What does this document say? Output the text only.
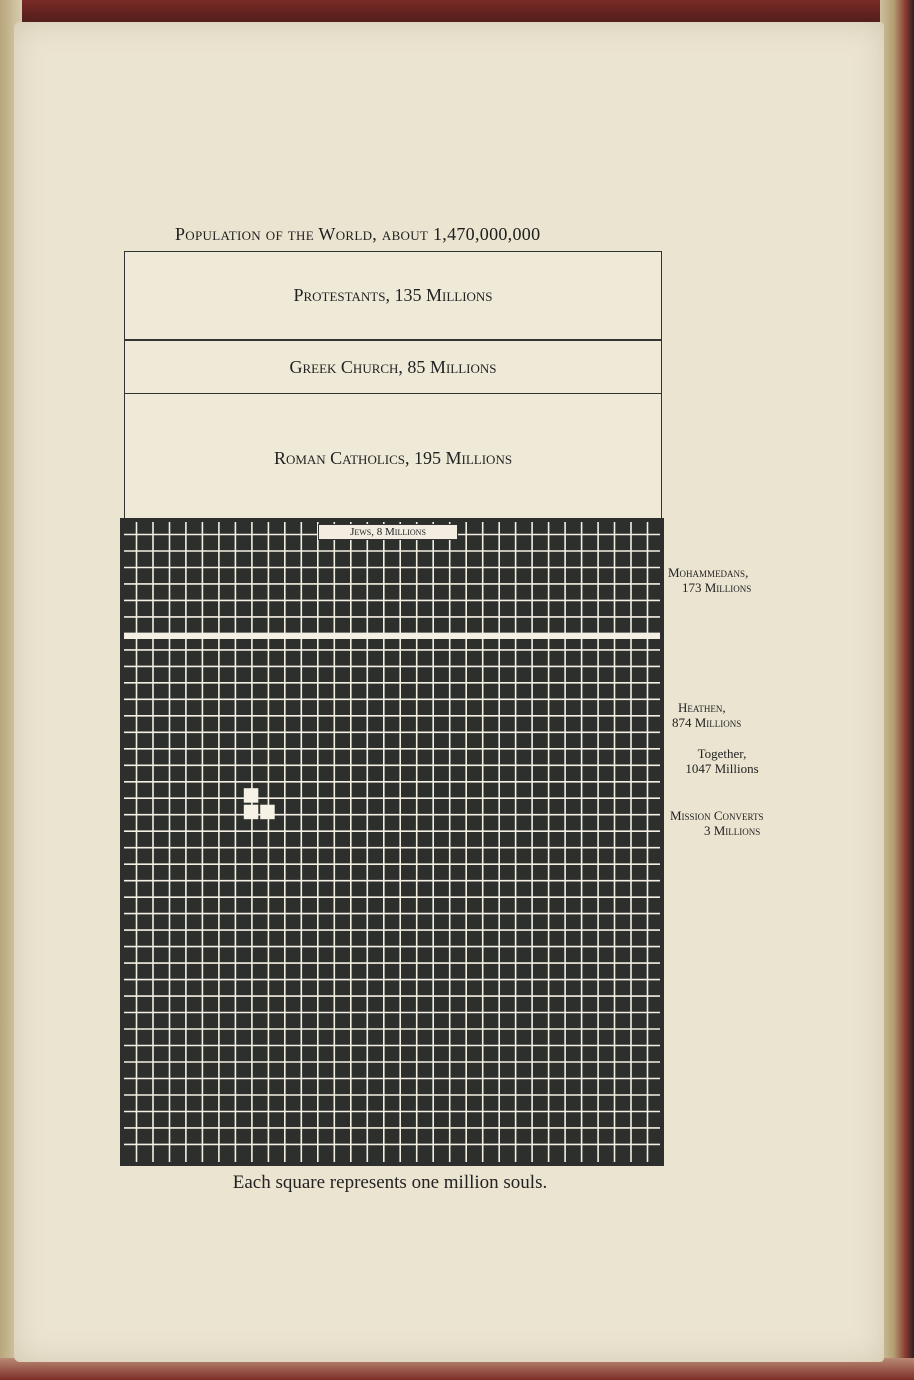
Population of the World, about 1,470,000,000
Protestants, 135 Millions
Greek Church, 85 Millions
Roman Catholics, 195 Millions
Jews, 8 Millions
Mohammedans,
173 Millions
Heathen,
874 Millions
Together,
1047 Millions
Mission Converts
3 Millions
Each square represents one million souls.
